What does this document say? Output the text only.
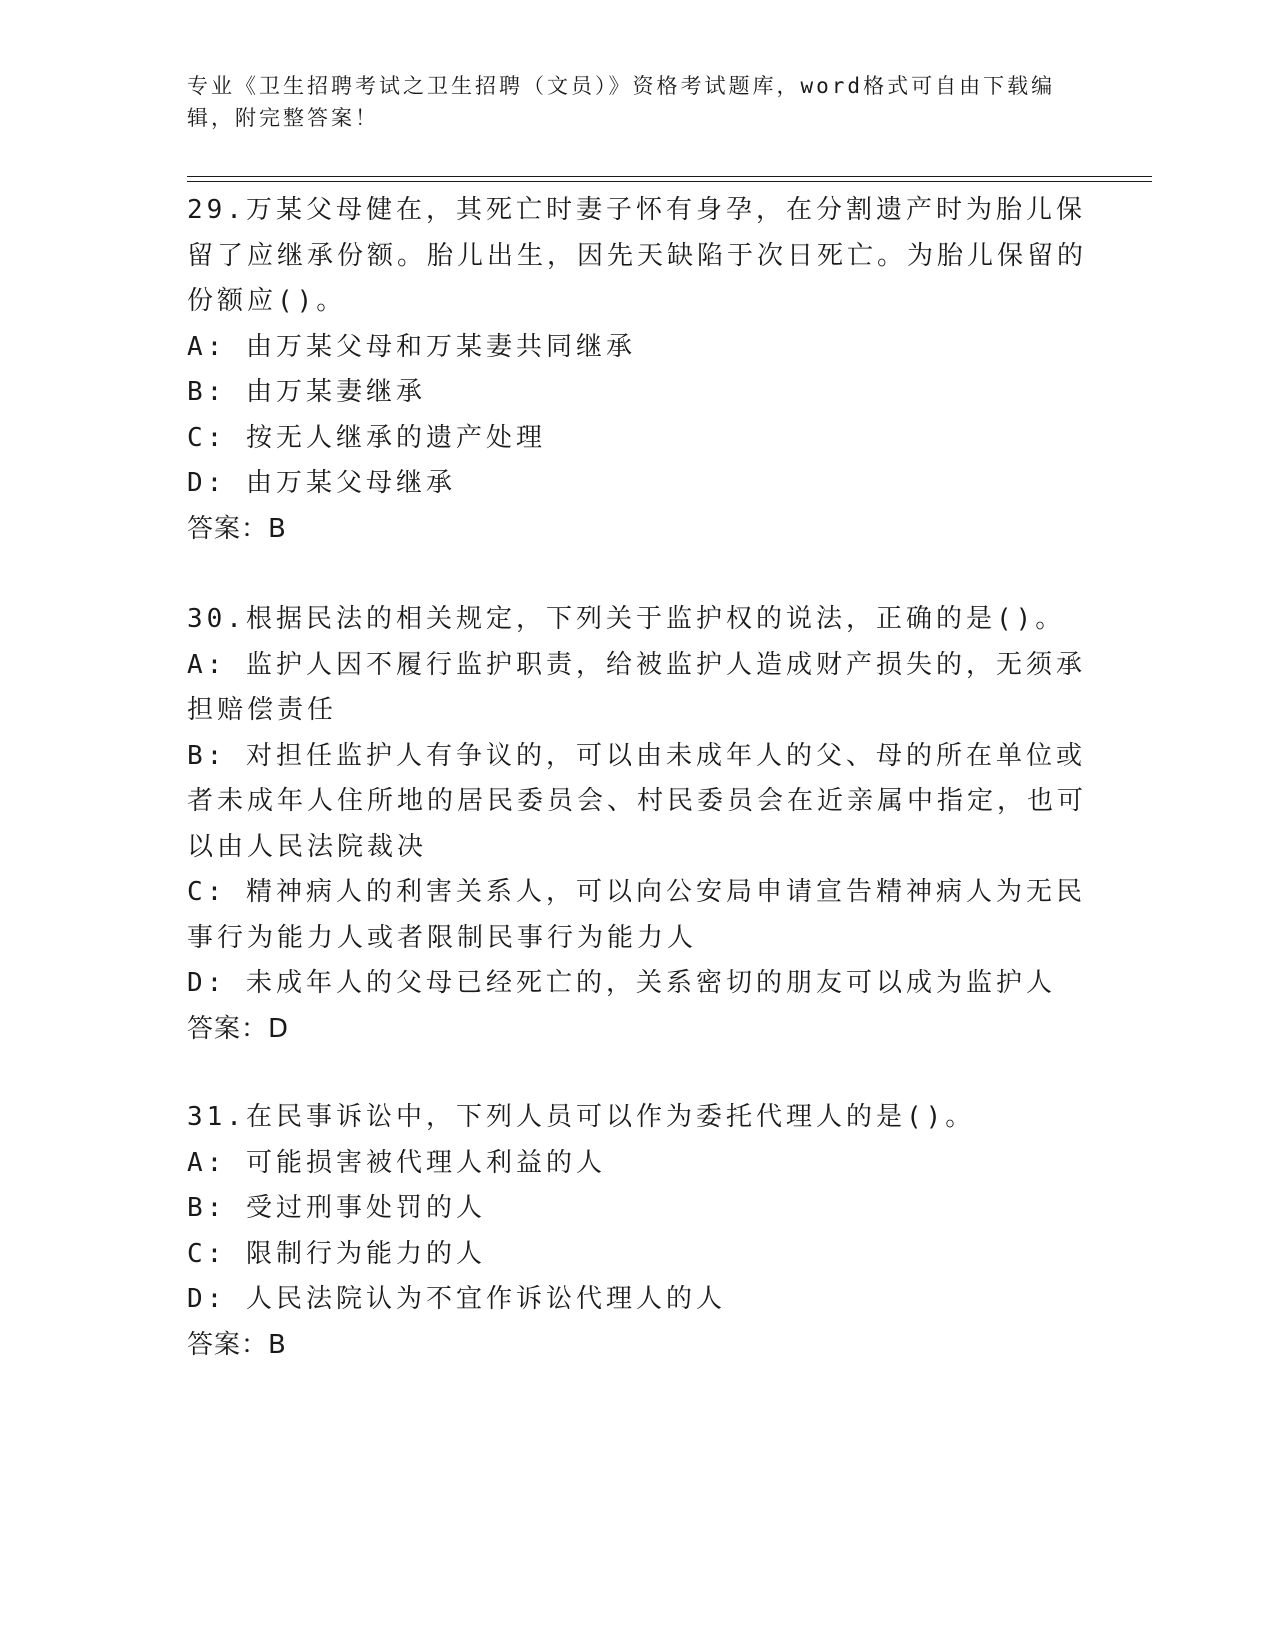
专业《卫生招聘考试之卫生招聘（文员）》资格考试题库，word格式可自由下载编辑，附完整答案！

29.万某父母健在，其死亡时妻子怀有身孕，在分割遗产时为胎儿保留了应继承份额。胎儿出生，因先天缺陷于次日死亡。为胎儿保留的份额应()。

A: 由万某父母和万某妻共同继承

B: 由万某妻继承

C: 按无人继承的遗产处理

D: 由万某父母继承

答案：B

30.根据民法的相关规定，下列关于监护权的说法，正确的是()。

A: 监护人因不履行监护职责，给被监护人造成财产损失的，无须承担赔偿责任

B: 对担任监护人有争议的，可以由未成年人的父、母的所在单位或者未成年人住所地的居民委员会、村民委员会在近亲属中指定，也可以由人民法院裁决

C: 精神病人的利害关系人，可以向公安局申请宣告精神病人为无民事行为能力人或者限制民事行为能力人

D: 未成年人的父母已经死亡的，关系密切的朋友可以成为监护人

答案：D

31.在民事诉讼中，下列人员可以作为委托代理人的是()。

A: 可能损害被代理人利益的人

B: 受过刑事处罚的人

C: 限制行为能力的人

D: 人民法院认为不宜作诉讼代理人的人

答案：B
